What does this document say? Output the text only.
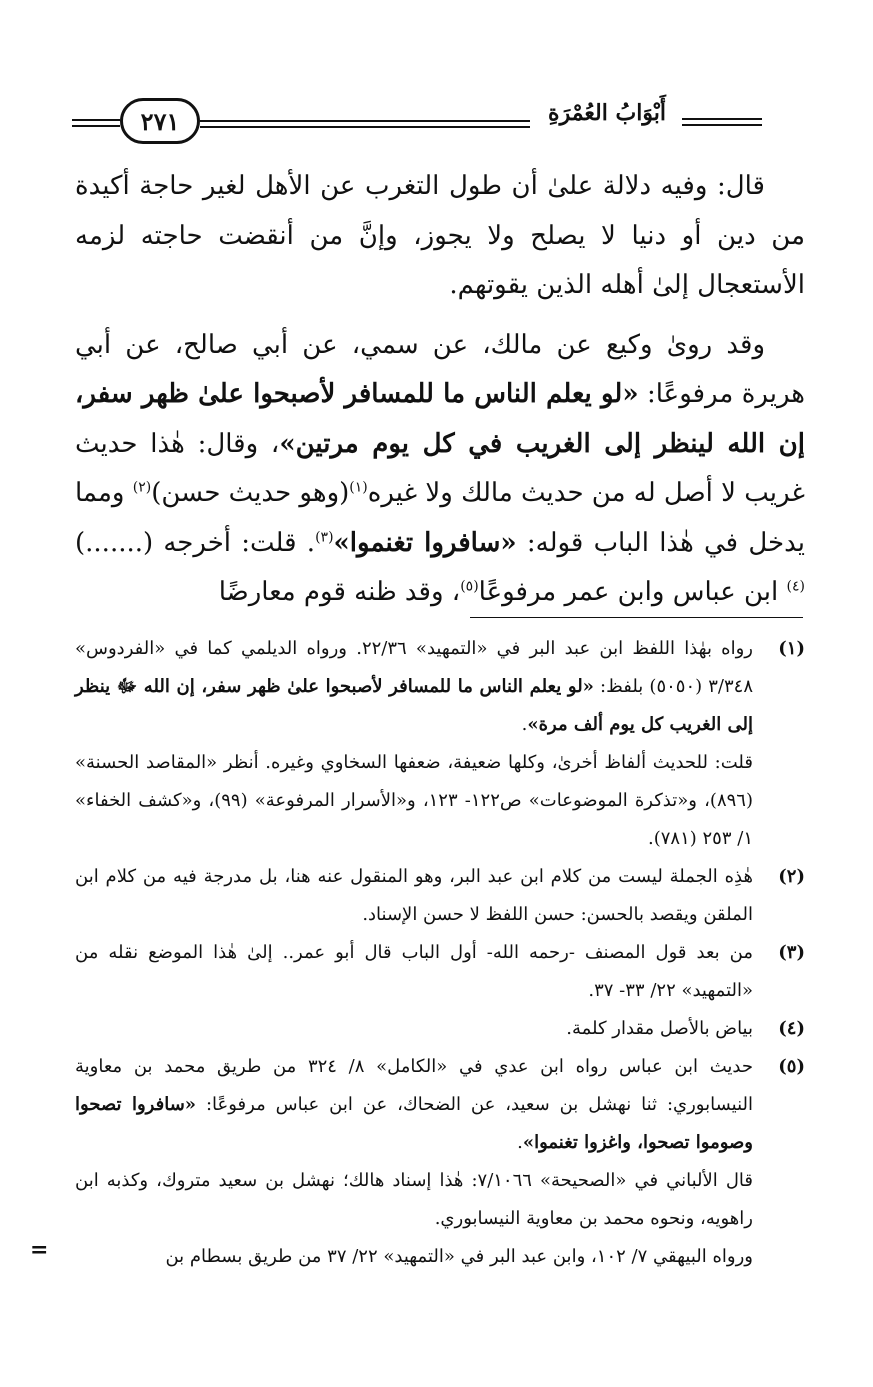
أَبْوَابُ العُمْرَةِ
٢٧١

قال: وفيه دلالة علىٰ أن طول التغرب عن الأهل لغير حاجة أكيدة من دين أو دنيا لا يصلح ولا يجوز، وإنَّ من أنقضت حاجته لزمه الأستعجال إلىٰ أهله الذين يقوتهم.

وقد روىٰ وكيع عن مالك، عن سمي، عن أبي صالح، عن أبي هريرة مرفوعًا: «لو يعلم الناس ما للمسافر لأصبحوا علىٰ ظهر سفر، إن الله لينظر إلى الغريب في كل يوم مرتين»، وقال: هٰذا حديث غريب لا أصل له من حديث مالك ولا غيره$^{(١)}$(وهو حديث حسن)$^{(٢)}$ ومما يدخل في هٰذا الباب قوله: «سافروا تغنموا»$^{(٣)}$. قلت: أخرجه (.......)$^{(٤)}$ ابن عباس وابن عمر مرفوعًا$^{(٥)}$، وقد ظنه قوم معارضًا

(١)

رواه بهٰذا اللفظ ابن عبد البر في «التمهيد» ٢٢/٣٦. ورواه الديلمي كما في «الفردوس» ٣/٣٤٨ (٥٠٥٠) بلفظ: «لو يعلم الناس ما للمسافر لأصبحوا علىٰ ظهر سفر، إن الله ﷻ ينظر إلى الغريب كل يوم ألف مرة».

قلت: للحديث ألفاظ أخرىٰ، وكلها ضعيفة، ضعفها السخاوي وغيره. أنظر «المقاصد الحسنة» (٨٩٦)، و«تذكرة الموضوعات» ص١٢٢- ١٢٣، و«الأسرار المرفوعة» (٩٩)، و«كشف الخفاء» ١/ ٢٥٣ (٧٨١).

(٢)

هٰذِه الجملة ليست من كلام ابن عبد البر، وهو المنقول عنه هنا، بل مدرجة فيه من كلام ابن الملقن ويقصد بالحسن: حسن اللفظ لا حسن الإسناد.

(٣)

من بعد قول المصنف -رحمه الله- أول الباب قال أبو عمر.. إلىٰ هٰذا الموضع نقله من «التمهيد» ٢٢/ ٣٣- ٣٧.

(٤)

بياض بالأصل مقدار كلمة.

(٥)

حديث ابن عباس رواه ابن عدي في «الكامل» ٨/ ٣٢٤ من طريق محمد بن معاوية النيسابوري: ثنا نهشل بن سعيد، عن الضحاك، عن ابن عباس مرفوعًا: «سافروا تصحوا وصوموا تصحوا، واغزوا تغنموا».

قال الألباني في «الصحيحة» ٧/١٠٦٦: هٰذا إسناد هالك؛ نهشل بن سعيد متروك، وكذبه ابن راهويه، ونحوه محمد بن معاوية النيسابوري.

ورواه البيهقي ٧/ ١٠٢، وابن عبد البر في «التمهيد» ٢٢/ ٣٧ من طريق بسطام بن

=
